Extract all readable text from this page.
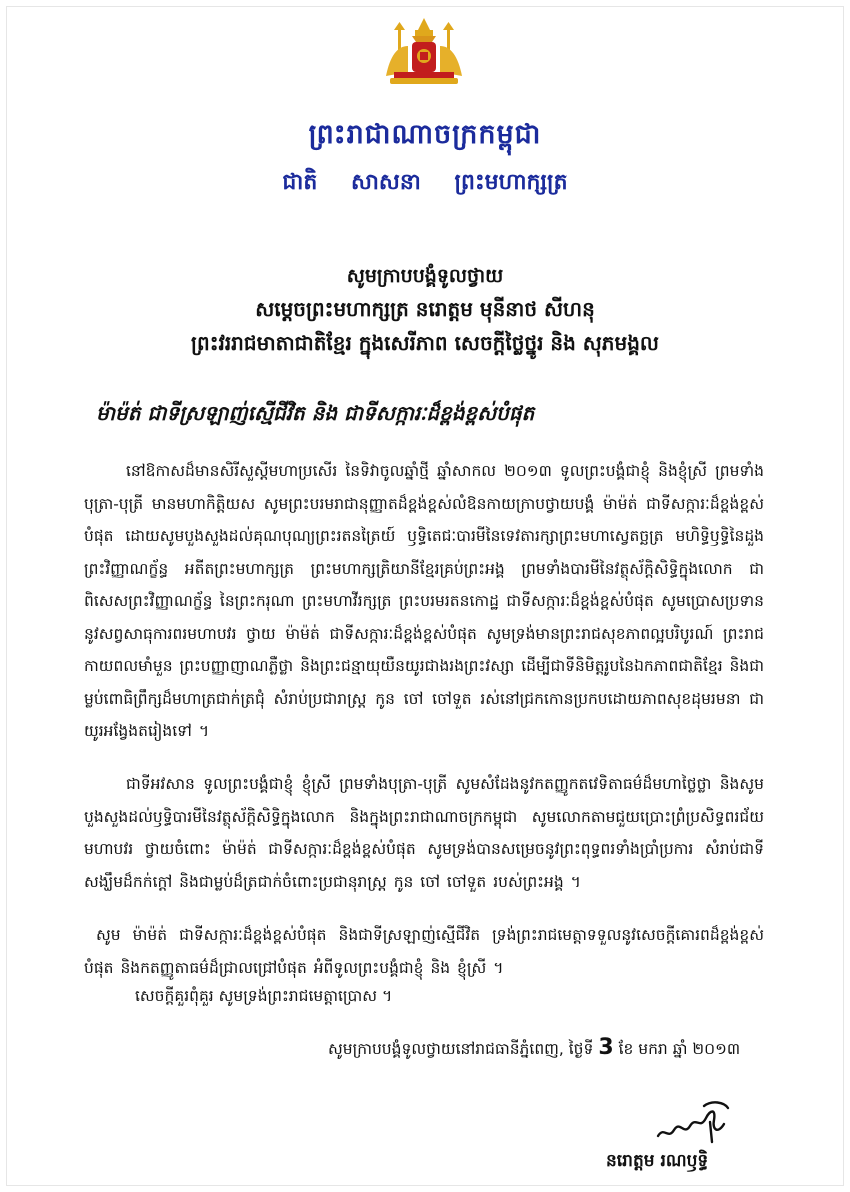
ព្រះរាជាណាចក្រកម្ពុជា
ជាតិ សាសនា ព្រះមហាក្សត្រ
សូមក្រាបបង្គំទូលថ្វាយ
សម្តេចព្រះមហាក្សត្រ នរោត្តម មុនីនាថ សីហនុ
ព្រះវររាជមាតាជាតិខ្មែរ ក្នុងសេរីភាព សេចក្តីថ្លៃថ្នូរ និង សុភមង្គល
ម៉ាម៉ត់ ជាទីស្រឡាញ់ស្មើជីវិត និង ជាទីសក្ការៈដ៏ខ្ពង់ខ្ពស់បំផុត
នៅឱកាសដ៏មានសិរីសួស្តីមហាប្រសើរ នៃទិវាចូលឆ្នាំថ្មី ឆ្នាំសាកល ២០១៣ ទូលព្រះបង្គំជាខ្ញុំ និងខ្ញុំស្រី ព្រមទាំងបុត្រា-បុត្រី មានមហាកិត្តិយស សូមព្រះបរមរាជានុញ្ញាតដ៏ខ្ពង់ខ្ពស់លំឱនកាយក្រាបថ្វាយបង្គំ ម៉ាម៉ត់ ជាទីសក្ការៈដ៏ខ្ពង់ខ្ពស់បំផុត ដោយសូមបួងសួងដល់គុណបុណ្យព្រះរតនត្រៃយ៍ ឫទ្ធិតេជៈបារមីនៃទេវតារក្សាព្រះមហាស្វេតច្ឆត្រ មហិទ្ធិឫទ្ធិនៃដួងព្រះវិញ្ញាណក្ខ័ន្ធ អតីតព្រះមហាក្សត្រ ព្រះមហាក្សត្រិយានីខ្មែរគ្រប់ព្រះអង្គ ព្រមទាំងបារមីនៃវត្ថុស័ក្តិសិទ្ធិក្នុងលោក ជាពិសេសព្រះវិញ្ញាណក្ខ័ន្ធ នៃព្រះករុណា ព្រះមហាវីរក្សត្រ ព្រះបរមរតនកោដ្ឋ ជាទីសក្ការៈដ៏ខ្ពង់ខ្ពស់បំផុត សូមប្រោសប្រទាននូវសព្វសាធុការពរមហាបវរ ថ្វាយ ម៉ាម៉ត់ ជាទីសក្ការៈដ៏ខ្ពង់ខ្ពស់បំផុត សូមទ្រង់មានព្រះរាជសុខភាពល្អបរិបូរណ៍ ព្រះរាជកាយពលមាំមួន ព្រះបញ្ញាញាណភ្លឺថ្លា និងព្រះជន្មាយុយឺនយូរជាងរងព្រះវស្សា ដើម្បីជាទីនិមិត្តរូបនៃឯកភាពជាតិខ្មែរ និងជាម្លប់ពោធិព្រឹក្សដ៏មហាត្រជាក់ត្រជុំ សំរាប់ប្រជារាស្ត្រ កូន ចៅ ចៅទួត រស់នៅជ្រកកោនប្រកបដោយភាពសុខដុមរមនា ជាយូរអង្វែងតរៀងទៅ ។
ជាទីអវសាន ទូលព្រះបង្គំជាខ្ញុំ ខ្ញុំស្រី ព្រមទាំងបុត្រា-បុត្រី សូមសំដែងនូវកតញ្ញូកតវេទិតាធម៌ដ៏មហាថ្លៃថ្លា និងសូមបួងសួងដល់ឫទ្ធិបារមីនៃវត្ថុស័ក្តិសិទ្ធិក្នុងលោក និងក្នុងព្រះរាជាណាចក្រកម្ពុជា សូមលោកតាមជួយប្រោះព្រំប្រសិទ្ធពរជ័យមហាបវរ ថ្វាយចំពោះ ម៉ាម៉ត់ ជាទីសក្ការៈដ៏ខ្ពង់ខ្ពស់បំផុត សូមទ្រង់បានសម្រេចនូវព្រះពុទ្ធពរទាំងប្រាំប្រការ សំរាប់ជាទីសង្ឃឹមដ៏កក់ក្តៅ និងជាម្លប់ដ៏ត្រជាក់ចំពោះប្រជានុរាស្ត្រ កូន ចៅ ចៅទួត របស់ព្រះអង្គ ។
សូម ម៉ាម៉ត់ ជាទីសក្ការៈដ៏ខ្ពង់ខ្ពស់បំផុត និងជាទីស្រឡាញ់ស្មើជីវិត ទ្រង់ព្រះរាជមេត្តាទទួលនូវសេចក្តីគោរពដ៏ខ្ពង់ខ្ពស់បំផុត និងកតញ្ញូតាធម៌ដ៏ជ្រាលជ្រៅបំផុត អំពីទូលព្រះបង្គំជាខ្ញុំ និង ខ្ញុំស្រី ។
សេចក្តីគួរពុំគួរ សូមទ្រង់ព្រះរាជមេត្តាប្រោស ។
សូមក្រាបបង្គំទូលថ្វាយនៅរាជធានីភ្នំពេញ, ថ្ងៃទី 3 ខែ មករា ឆ្នាំ ២០១៣
នរោត្តម រណឫទ្ធិ
